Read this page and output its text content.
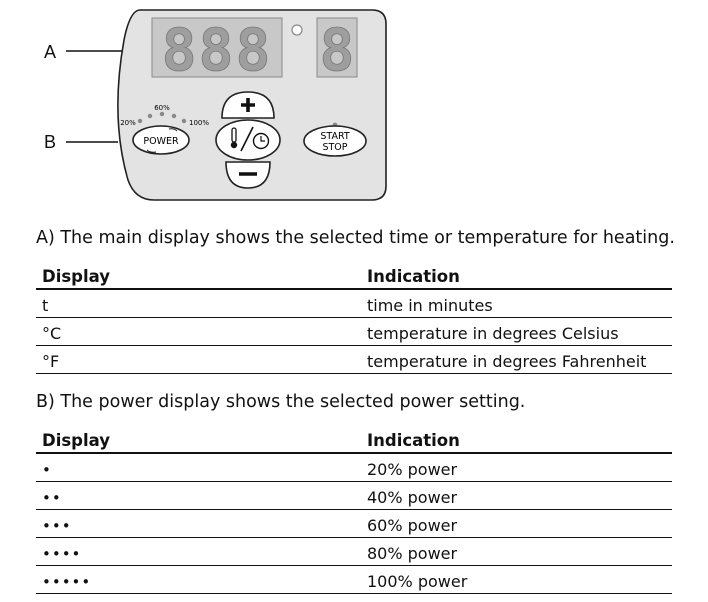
888 8
20%
60%
100%
POWER	START
STOP
A
B
A) The main display shows the selected time or temperature for heating.
Display	Indication
t	time in minutes
°C	temperature in degrees Celsius
°F	temperature in degrees Fahrenheit
B) The power display shows the selected power setting.
Display	Indication
•	20% power
••	40% power
•••	60% power
••••	80% power
•••••	100% power
